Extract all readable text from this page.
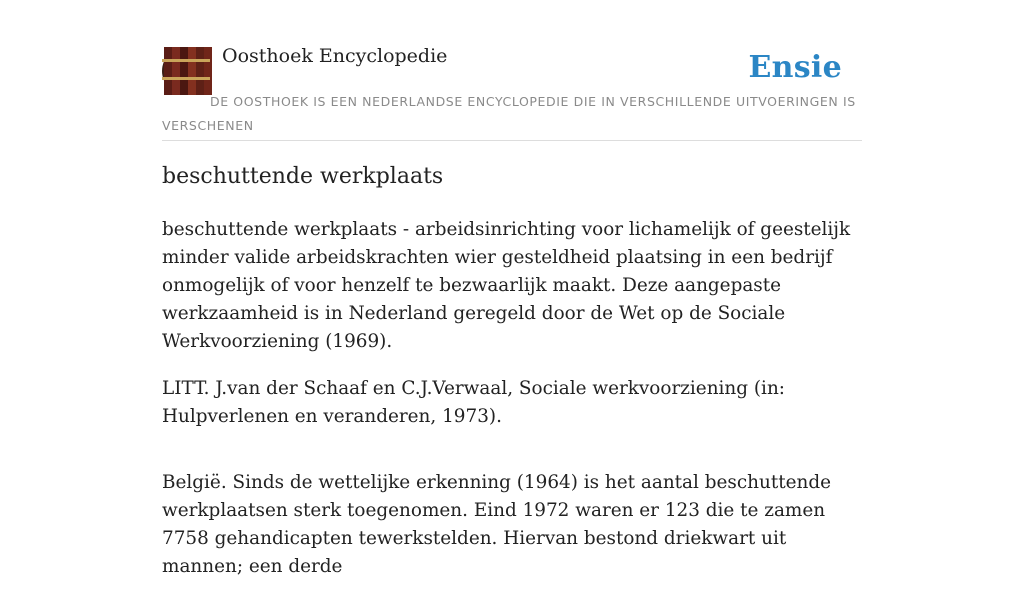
Oosthoek Encyclopedie	Ensie
DE OOSTHOEK IS EEN NEDERLANDSE ENCYCLOPEDIE DIE IN VERSCHILLENDE UITVOERINGEN IS VERSCHENEN
beschuttende werkplaats

beschuttende werkplaats - arbeidsinrichting voor lichamelijk of geestelijk minder valide arbeidskrachten wier gesteldheid plaatsing in een bedrijf onmogelijk of voor henzelf te bezwaarlijk maakt. Deze aangepaste werkzaamheid is in Nederland geregeld door de Wet op de Sociale Werkvoorziening (1969).

LITT. J.van der Schaaf en C.J.Verwaal, Sociale werkvoorziening (in: Hulpverlenen en veranderen, 1973).

België. Sinds de wettelijke erkenning (1964) is het aantal beschuttende werkplaatsen sterk toegenomen. Eind 1972 waren er 123 die te zamen 7758 gehandicapten tewerkstelden. Hiervan bestond driekwart uit mannen; een derde
